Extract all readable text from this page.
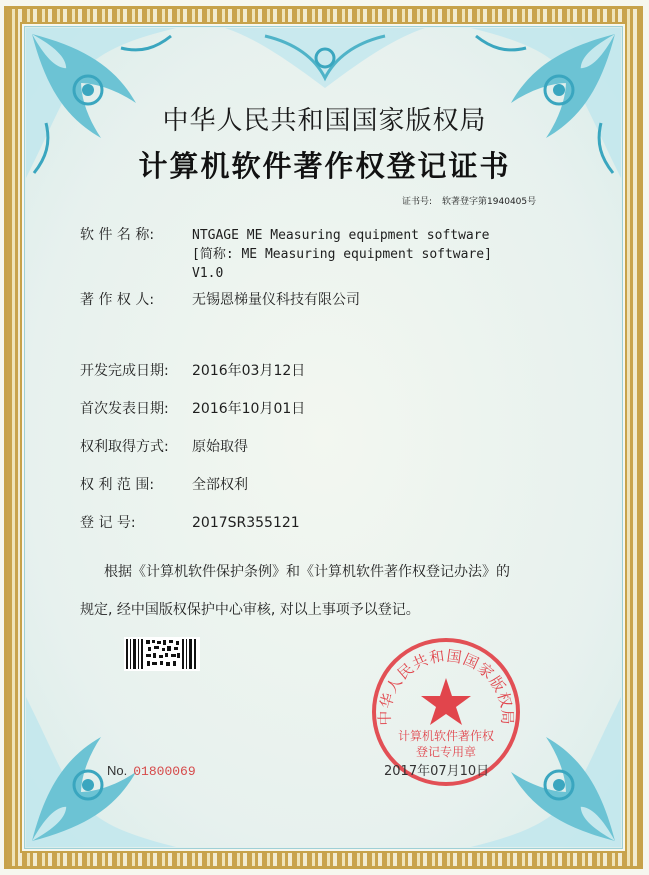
中华人民共和国国家版权局
计算机软件著作权登记证书
证书号: 软著登字第1940405号
软 件 名 称:	NTGAGE ME Measuring equipment software
[简称: ME Measuring equipment software]
V1.0
著 作 权 人:	无锡恩梯量仪科技有限公司
开发完成日期: 2016年03月12日
首次发表日期: 2016年10月01日
权利取得方式: 原始取得
权 利 范 围:	全部权利
登 记 号:	2017SR355121
根据《计算机软件保护条例》和《计算机软件著作权登记办法》的
规定, 经中国版权保护中心审核, 对以上事项予以登记。
No. 01800069
中华人民共和国国家版权局
计算机软件著作权
登记专用章
2017年07月10日
